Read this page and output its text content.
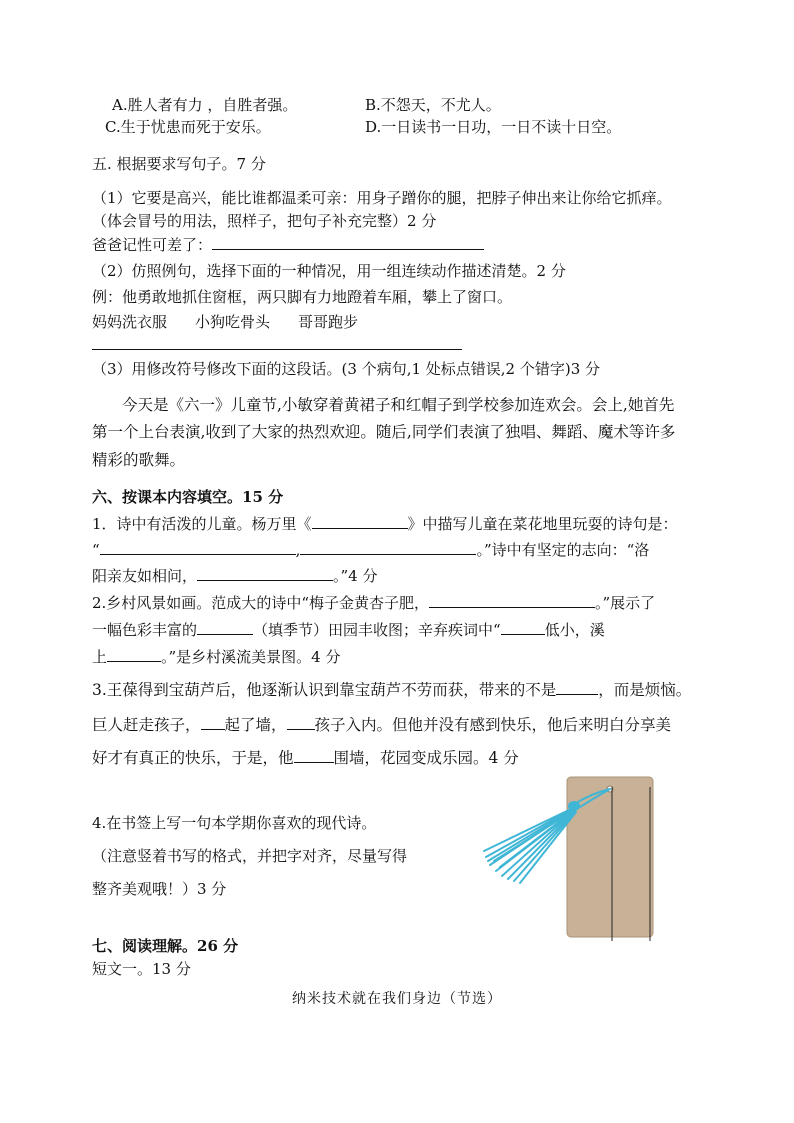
A.胜人者有力 ，自胜者强。	B.不怨天，不尤人。
C.生于忧患而死于安乐。	D.一日读书一日功，一日不读十日空。
五. 根据要求写句子。7 分
（1）它要是高兴，能比谁都温柔可亲：用身子蹭你的腿，把脖子伸出来让你给它抓痒。
（体会冒号的用法，照样子，把句子补充完整）2 分
爸爸记性可差了：
（2）仿照例句，选择下面的一种情况，用一组连续动作描述清楚。2 分
例：他勇敢地抓住窗框，两只脚有力地蹬着车厢，攀上了窗口。
妈妈洗衣服 小狗吃骨头 哥哥跑步
（3）用修改符号修改下面的这段话。(3 个病句,1 处标点错误,2 个错字)3 分
今天是《六一》儿童节,小敏穿着黄裙子和红帽子到学校参加连欢会。会上,她首先
第一个上台表演,收到了大家的热烈欢迎。随后,同学们表演了独唱、舞蹈、魔术等许多
精彩的歌舞。
六、按课本内容填空。15 分
1．诗中有活泼的儿童。杨万里《	》中描写儿童在菜花地里玩耍的诗句是：
“	,	。”诗中有坚定的志向：“洛
阳亲友如相问，	。”4 分
2.乡村风景如画。范成大的诗中“梅子金黄杏子肥，	。”展示了
一幅色彩丰富的	（填季节）田园丰收图；辛弃疾词中“	低小，溪
上	。”是乡村溪流美景图。4 分
3.王葆得到宝葫芦后，他逐渐认识到靠宝葫芦不劳而获，带来的不是	，而是烦恼。
巨人赶走孩子， 起了墙， 孩子入内。但他并没有感到快乐，他后来明白分享美
好才有真正的快乐，于是，他	围墙，花园变成乐园。4 分
4.在书签上写一句本学期你喜欢的现代诗。
（注意竖着书写的格式，并把字对齐，尽量写得
整齐美观哦！）3 分
七、阅读理解。26 分
短文一。13 分
纳米技术就在我们身边（节选）
